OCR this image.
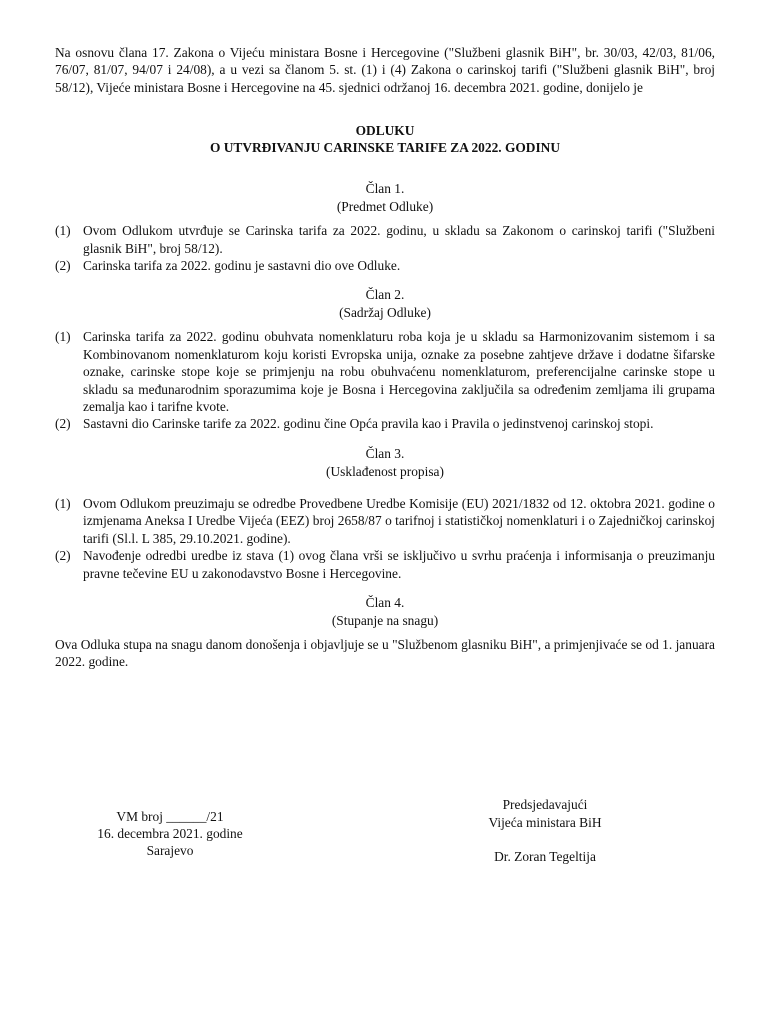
Na osnovu člana 17. Zakona o Vijeću ministara Bosne i Hercegovine ("Službeni glasnik BiH", br. 30/03, 42/03, 81/06, 76/07, 81/07, 94/07 i 24/08), a u vezi sa članom 5. st. (1) i (4) Zakona o carinskoj tarifi ("Službeni glasnik BiH", broj 58/12), Vijeće ministara Bosne i Hercegovine na 45. sjednici održanoj 16. decembra 2021. godine, donijelo je
ODLUKU
O UTVRĐIVANJU CARINSKE TARIFE ZA 2022. GODINU
Član 1.
(Predmet Odluke)
(1) Ovom Odlukom utvrđuje se Carinska tarifa za 2022. godinu, u skladu sa Zakonom o carinskoj tarifi ("Službeni glasnik BiH", broj 58/12).
(2) Carinska tarifa za 2022. godinu je sastavni dio ove Odluke.
Član 2.
(Sadržaj Odluke)
(1) Carinska tarifa za 2022. godinu obuhvata nomenklaturu roba koja je u skladu sa Harmonizovanim sistemom i sa Kombinovanom nomenklaturom koju koristi Evropska unija, oznake za posebne zahtjeve države i dodatne šifarske oznake, carinske stope koje se primjenju na robu obuhvaćenu nomenklaturom, preferencijalne carinske stope u skladu sa međunarodnim sporazumima koje je Bosna i Hercegovina zaključila sa određenim zemljama ili grupama zemalja kao i tarifne kvote.
(2) Sastavni dio Carinske tarife za 2022. godinu čine Opća pravila kao i Pravila o jedinstvenoj carinskoj stopi.
Član 3.
(Usklađenost propisa)
(1) Ovom Odlukom preuzimaju se odredbe Provedbene Uredbe Komisije (EU) 2021/1832 od 12. oktobra 2021. godine o izmjenama Aneksa I Uredbe Vijeća (EEZ) broj 2658/87 o tarifnoj i statističkoj nomenklaturi i o Zajedničkoj carinskoj tarifi (Sl.l. L 385, 29.10.2021. godine).
(2) Navođenje odredbi uredbe iz stava (1) ovog člana vrši se isključivo u svrhu praćenja i informisanja o preuzimanju pravne tečevine EU u zakonodavstvo Bosne i Hercegovine.
Član 4.
(Stupanje na snagu)
Ova Odluka stupa na snagu danom donošenja i objavljuje se u "Službenom glasniku BiH", a primjenjivaće se od 1. januara 2022. godine.
VM broj ______/21
16. decembra 2021. godine
Sarajevo
Predsjedavajući
Vijeća ministara BiH
Dr. Zoran Tegeltija
